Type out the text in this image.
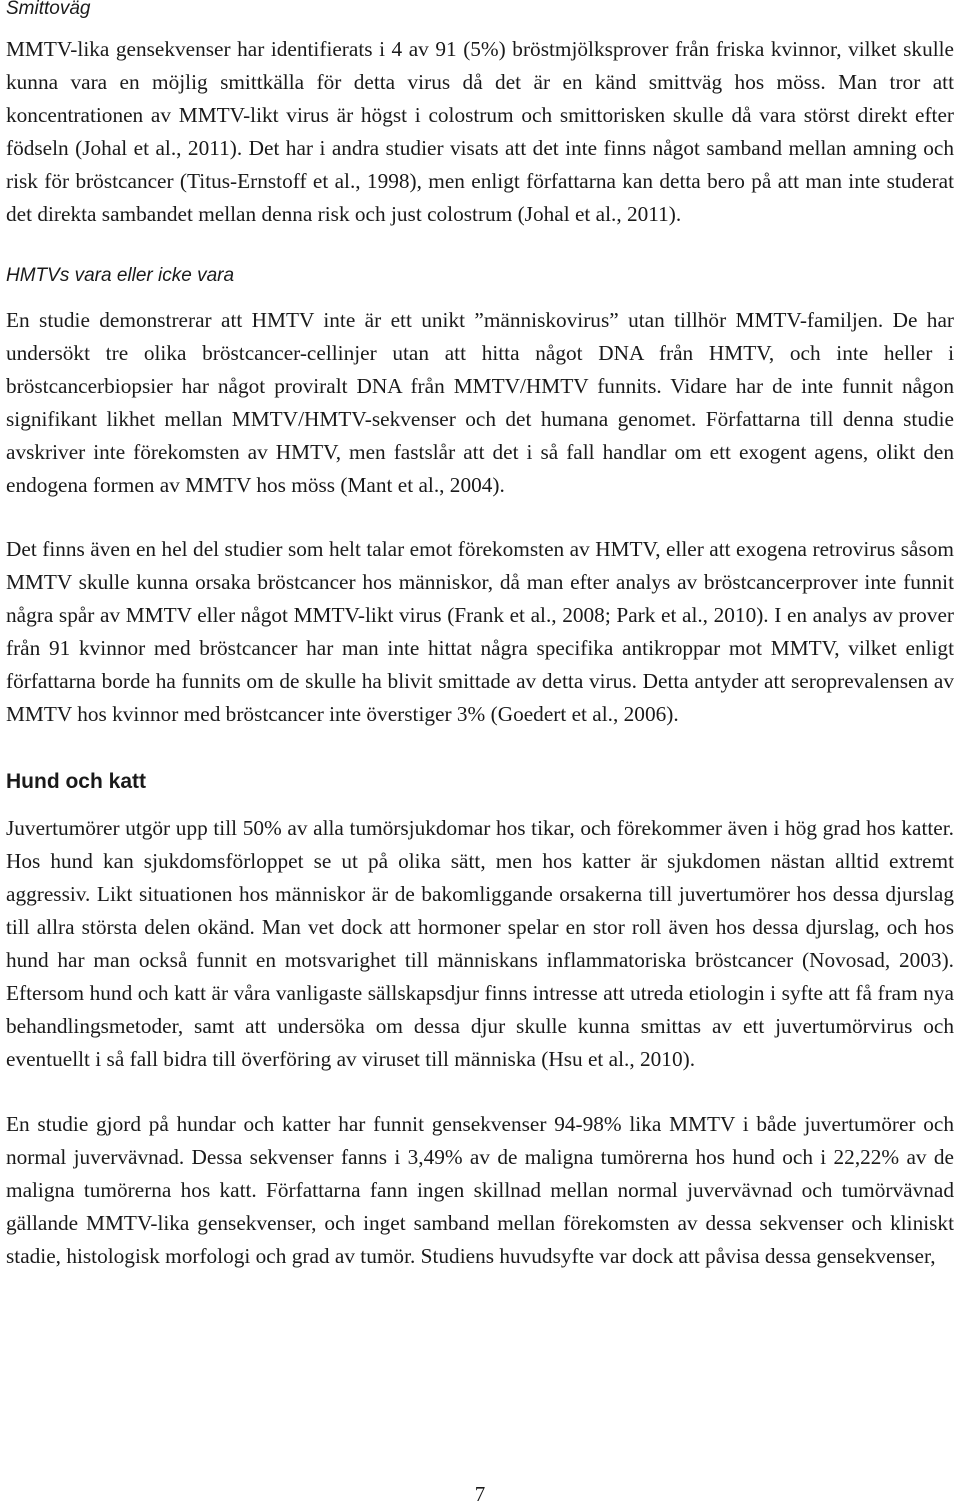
Smittoväg

MMTV-lika gensekvenser har identifierats i 4 av 91 (5%) bröstmjölksprover från friska kvinnor, vilket skulle kunna vara en möjlig smittkälla för detta virus då det är en känd smittväg hos möss. Man tror att koncentrationen av MMTV-likt virus är högst i colostrum och smittorisken skulle då vara störst direkt efter födseln (Johal et al., 2011). Det har i andra studier visats att det inte finns något samband mellan amning och risk för bröstcancer (Titus-Ernstoff et al., 1998), men enligt författarna kan detta bero på att man inte studerat det direkta sambandet mellan denna risk och just colostrum (Johal et al., 2011).

HMTVs vara eller icke vara

En studie demonstrerar att HMTV inte är ett unikt ”människovirus” utan tillhör MMTV-familjen. De har undersökt tre olika bröstcancer-cellinjer utan att hitta något DNA från HMTV, och inte heller i bröstcancerbiopsier har något proviralt DNA från MMTV/HMTV funnits. Vidare har de inte funnit någon signifikant likhet mellan MMTV/HMTV-sekvenser och det humana genomet. Författarna till denna studie avskriver inte förekomsten av HMTV, men fastslår att det i så fall handlar om ett exogent agens, olikt den endogena formen av MMTV hos möss (Mant et al., 2004).

Det finns även en hel del studier som helt talar emot förekomsten av HMTV, eller att exogena retrovirus såsom MMTV skulle kunna orsaka bröstcancer hos människor, då man efter analys av bröstcancerprover inte funnit några spår av MMTV eller något MMTV-likt virus (Frank et al., 2008; Park et al., 2010). I en analys av prover från 91 kvinnor med bröstcancer har man inte hittat några specifika antikroppar mot MMTV, vilket enligt författarna borde ha funnits om de skulle ha blivit smittade av detta virus. Detta antyder att seroprevalensen av MMTV hos kvinnor med bröstcancer inte överstiger 3% (Goedert et al., 2006).

Hund och katt

Juvertumörer utgör upp till 50% av alla tumörsjukdomar hos tikar, och förekommer även i hög grad hos katter. Hos hund kan sjukdomsförloppet se ut på olika sätt, men hos katter är sjukdomen nästan alltid extremt aggressiv. Likt situationen hos människor är de bakomliggande orsakerna till juvertumörer hos dessa djurslag till allra största delen okänd. Man vet dock att hormoner spelar en stor roll även hos dessa djurslag, och hos hund har man också funnit en motsvarighet till människans inflammatoriska bröstcancer (Novosad, 2003). Eftersom hund och katt är våra vanligaste sällskapsdjur finns intresse att utreda etiologin i syfte att få fram nya behandlingsmetoder, samt att undersöka om dessa djur skulle kunna smittas av ett juvertumörvirus och eventuellt i så fall bidra till överföring av viruset till människa (Hsu et al., 2010).

En studie gjord på hundar och katter har funnit gensekvenser 94-98% lika MMTV i både juvertumörer och normal juvervävnad. Dessa sekvenser fanns i 3,49% av de maligna tumörerna hos hund och i 22,22% av de maligna tumörerna hos katt. Författarna fann ingen skillnad mellan normal juvervävnad och tumörvävnad gällande MMTV-lika gensekvenser, och inget samband mellan förekomsten av dessa sekvenser och kliniskt stadie, histologisk morfologi och grad av tumör. Studiens huvudsyfte var dock att påvisa dessa gensekvenser,

7
